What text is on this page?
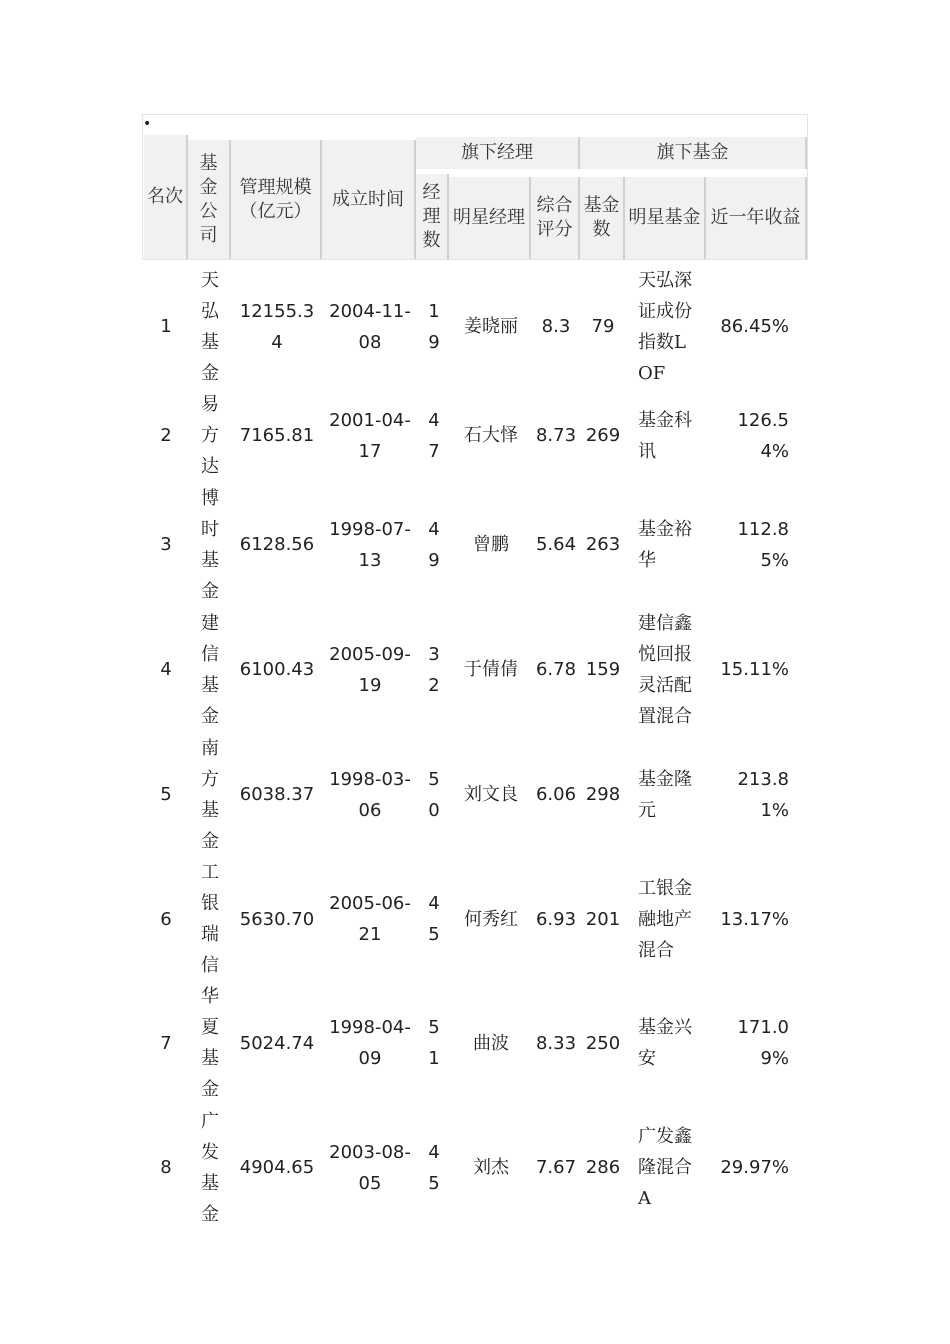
•
名次
基金公司
管理规模（亿元）
成立时间
旗下经理	旗下基金
经理数
明星经理
综合评分
基金数
明星基金 近一年收益
1
天弘基金
12155.34
2004-11-08
19
姜晓丽 8.3 79
天弘深证成份指数LOF
86.45%
2
易方达
7165.81
2001-04-17
47
石大怿 8.73 269
基金科讯
126.54%
3
博时基金
6128.56
1998-07-13
49
曾鹏 5.64 263
基金裕华
112.85%
4
建信基金
6100.43
2005-09-19
32
于倩倩 6.78 159
建信鑫悦回报灵活配置混合
15.11%
5
南方基金
6038.37
1998-03-06
50
刘文良 6.06 298
基金隆元
213.81%
6
工银瑞信
5630.70
2005-06-21
45
何秀红 6.93 201
工银金融地产混合
13.17%
7
华夏基金
5024.74
1998-04-09
51
曲波 8.33 250
基金兴安
171.09%
8
广发基金
4904.65
2003-08-05
45
刘杰 7.67 286
广发鑫隆混合A
29.97%
